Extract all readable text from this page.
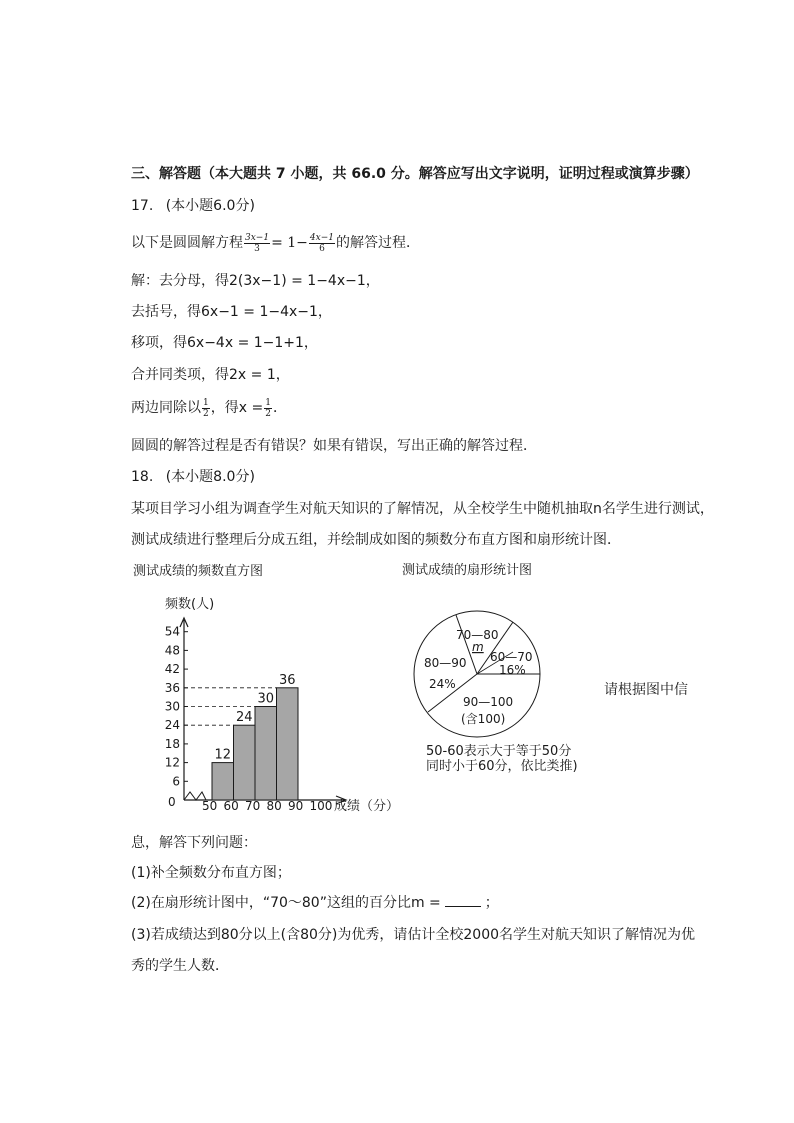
三、解答题（本大题共 7 小题，共 66.0 分。解答应写出文字说明，证明过程或演算步骤）
17. (本小题6.0分)
以下是圆圆解方程 $\frac{3x-1}{3} = 1- \frac{4x-1}{6}$ 的解答过程．
解：去分母，得2(3x−1) = 1−4x−1，
去括号，得6x−1 = 1−4x−1，
移项，得6x−4x = 1−1+1，
合并同类项，得2x = 1，
两边同除以 $\frac{1}{2}$ ，得$x = \frac{1}{2}$ ．
圆圆的解答过程是否有错误？如果有错误，写出正确的解答过程．
18. (本小题8.0分)
某项目学习小组为调查学生对航天知识的了解情况，从全校学生中随机抽取n名学生进行测试，
测试成绩进行整理后分成五组，并绘制成如图的频数分布直方图和扇形统计图．
测试成绩的频数直方图
频数(人)
成绩（分）
0
6
12
18
24
30
36
42
48
54
50 60 70 80 90 100
12
24
30
36
测试成绩的扇形统计图
70—80
m
60—70
16%
80—90
24%
90—100
(含100)
50-60表示大于等于50分
同时小于60分，依比类推)
请根据图中信
息，解答下列问题：
(1)补全频数分布直方图；
(2)在扇形统计图中，“70～80”这组的百分比m =	；
(3)若成绩达到80分以上(含80分)为优秀，请估计全校2000名学生对航天知识了解情况为优
秀的学生人数．
